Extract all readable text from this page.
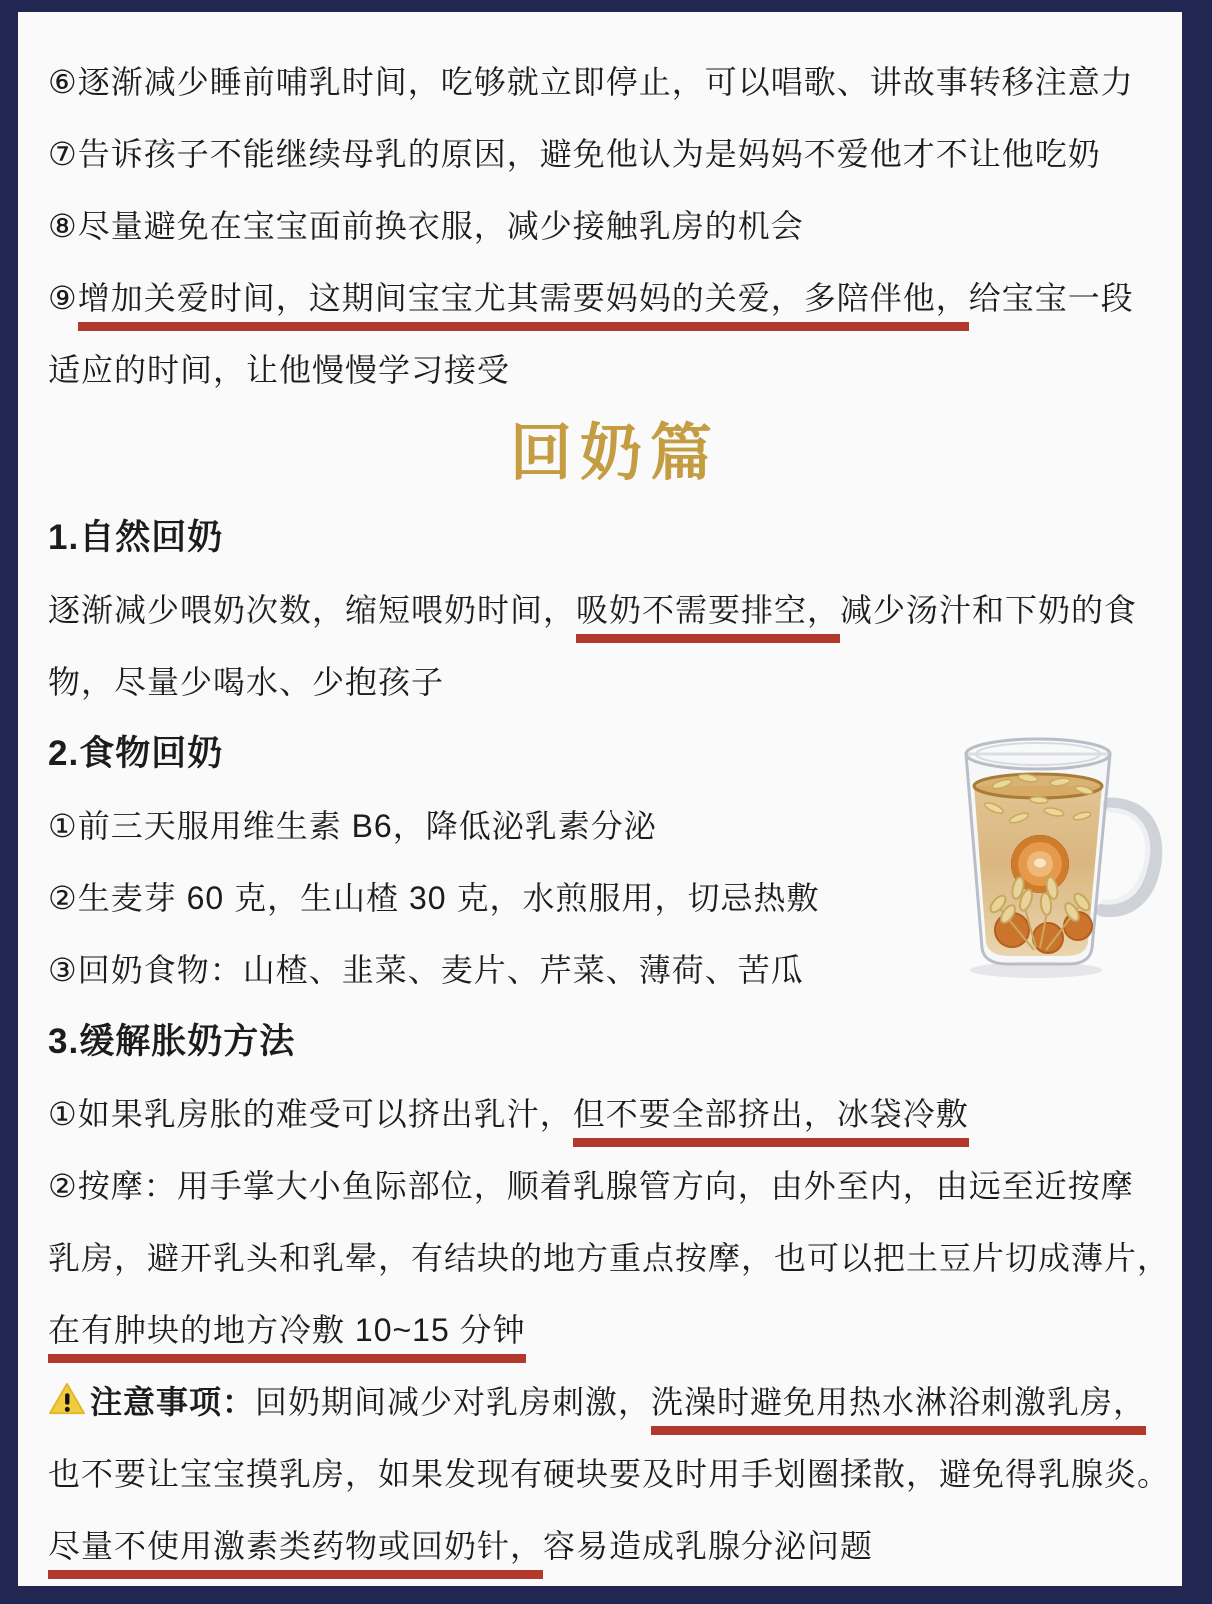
⑥逐渐减少睡前哺乳时间，吃够就立即停止，可以唱歌、讲故事转移注意力
⑦告诉孩子不能继续母乳的原因，避免他认为是妈妈不爱他才不让他吃奶
⑧尽量避免在宝宝面前换衣服，减少接触乳房的机会
⑨增加关爱时间，这期间宝宝尤其需要妈妈的关爱，多陪伴他，给宝宝一段
适应的时间，让他慢慢学习接受
回奶篇
1.自然回奶
逐渐减少喂奶次数，缩短喂奶时间，吸奶不需要排空，减少汤汁和下奶的食
物，尽量少喝水、少抱孩子
2.食物回奶
①前三天服用维生素 B6，降低泌乳素分泌
②生麦芽 60 克，生山楂 30 克，水煎服用，切忌热敷
③回奶食物：山楂、韭菜、麦片、芹菜、薄荷、苦瓜
3.缓解胀奶方法
①如果乳房胀的难受可以挤出乳汁，但不要全部挤出，冰袋冷敷
②按摩：用手掌大小鱼际部位，顺着乳腺管方向，由外至内，由远至近按摩
乳房，避开乳头和乳晕，有结块的地方重点按摩，也可以把土豆片切成薄片，
在有肿块的地方冷敷 10~15 分钟
注意事项：回奶期间减少对乳房刺激，洗澡时避免用热水淋浴刺激乳房，
也不要让宝宝摸乳房，如果发现有硬块要及时用手划圈揉散，避免得乳腺炎。
尽量不使用激素类药物或回奶针，容易造成乳腺分泌问题
